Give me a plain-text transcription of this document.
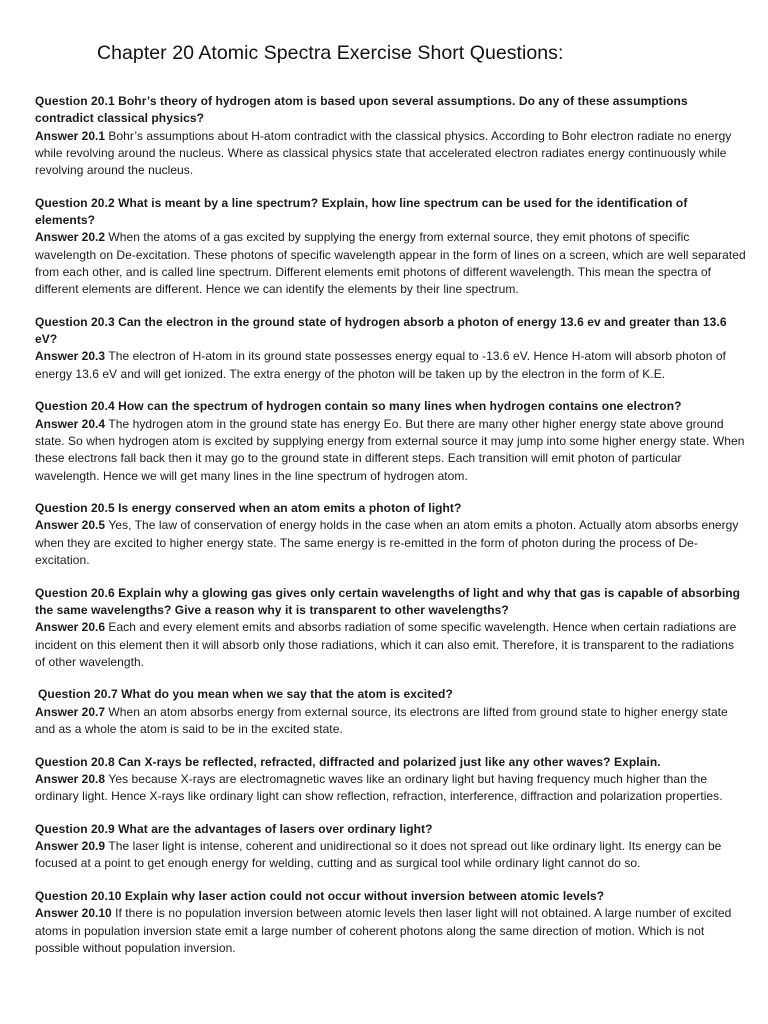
Chapter 20 Atomic Spectra Exercise Short Questions:
Question 20.1 Bohr’s theory of hydrogen atom is based upon several assumptions. Do any of these assumptions contradict classical physics?
Answer 20.1 Bohr’s assumptions about H-atom contradict with the classical physics. According to Bohr electron radiate no energy while revolving around the nucleus. Where as classical physics state that accelerated electron radiates energy continuously while revolving around the nucleus.
Question 20.2 What is meant by a line spectrum? Explain, how line spectrum can be used for the identification of elements?
Answer 20.2 When the atoms of a gas excited by supplying the energy from external source, they emit photons of specific wavelength on De-excitation. These photons of specific wavelength appear in the form of lines on a screen, which are well separated from each other, and is called line spectrum. Different elements emit photons of different wavelength. This mean the spectra of different elements are different. Hence we can identify the elements by their line spectrum.
Question 20.3 Can the electron in the ground state of hydrogen absorb a photon of energy 13.6 ev and greater than 13.6 eV?
Answer 20.3 The electron of H-atom in its ground state possesses energy equal to -13.6 eV. Hence H-atom will absorb photon of energy 13.6 eV and will get ionized. The extra energy of the photon will be taken up by the electron in the form of K.E.
Question 20.4 How can the spectrum of hydrogen contain so many lines when hydrogen contains one electron?
Answer 20.4 The hydrogen atom in the ground state has energy Eo. But there are many other higher energy state above ground state. So when hydrogen atom is excited by supplying energy from external source it may jump into some higher energy state. When these electrons fall back then it may go to the ground state in different steps. Each transition will emit photon of particular wavelength. Hence we will get many lines in the line spectrum of hydrogen atom.
Question 20.5 Is energy conserved when an atom emits a photon of light?
Answer 20.5 Yes, The law of conservation of energy holds in the case when an atom emits a photon. Actually atom absorbs energy when they are excited to higher energy state. The same energy is re-emitted in the form of photon during the process of De-excitation.
Question 20.6 Explain why a glowing gas gives only certain wavelengths of light and why that gas is capable of absorbing the same wavelengths? Give a reason why it is transparent to other wavelengths?
Answer 20.6 Each and every element emits and absorbs radiation of some specific wavelength. Hence when certain radiations are incident on this element then it will absorb only those radiations, which it can also emit. Therefore, it is transparent to the radiations of other wavelength.
Question 20.7 What do you mean when we say that the atom is excited?
Answer 20.7 When an atom absorbs energy from external source, its electrons are lifted from ground state to higher energy state and as a whole the atom is said to be in the excited state.
Question 20.8 Can X-rays be reflected, refracted, diffracted and polarized just like any other waves? Explain.
Answer 20.8 Yes because X-rays are electromagnetic waves like an ordinary light but having frequency much higher than the ordinary light. Hence X-rays like ordinary light can show reflection, refraction, interference, diffraction and polarization properties.
Question 20.9 What are the advantages of lasers over ordinary light?
Answer 20.9 The laser light is intense, coherent and unidirectional so it does not spread out like ordinary light. Its energy can be focused at a point to get enough energy for welding, cutting and as surgical tool while ordinary light cannot do so.
Question 20.10 Explain why laser action could not occur without inversion between atomic levels?
Answer 20.10 If there is no population inversion between atomic levels then laser light will not obtained. A large number of excited atoms in population inversion state emit a large number of coherent photons along the same direction of motion. Which is not possible without population inversion.
